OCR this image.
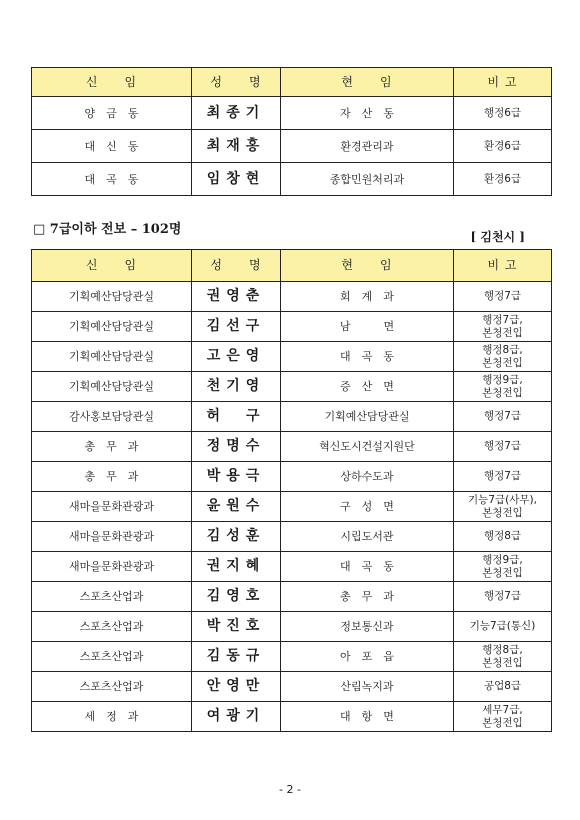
신　　임	성　　명	현　　임	비 고
양　금　동	최종기	자　산　동	행정6급

대　신　동	최재홍	환경관리과	환경6급

대　곡　동	임창현	종합민원처리과	환경6급
□ 7급이하 전보 – 102명	[ 김천시 ]
신　　임	성　　명	현　　임	비 고
기획예산담당관실	권영춘	회　계　과	행정7급

기획예산담당관실	김선구	남　　　면	행정7급,
본청전입

기획예산담당관실	고은영	대　곡　동	행정8급,
본청전입

기획예산담당관실	천기영	증　산　면	행정9급,
본청전입

감사홍보담당관실	허　구	기획예산담당관실	행정7급

총　무　과	정명수	혁신도시건설지원단	행정7급

총　무　과	박용극	상하수도과	행정7급

새마을문화관광과	윤원수	구　성　면	기능7급(사무),
본청전입

새마을문화관광과	김성훈	시립도서관	행정8급

새마을문화관광과	권지혜	대　곡　동	행정9급,
본청전입

스포츠산업과	김영호	총　무　과	행정7급

스포츠산업과	박진호	정보통신과	기능7급(통신)

스포츠산업과	김동규	아　포　읍	행정8급,
본청전입

스포츠산업과	안영만	산림녹지과	공업8급

세　정　과	여광기	대　항　면	세무7급,
본청전입
- 2 -
